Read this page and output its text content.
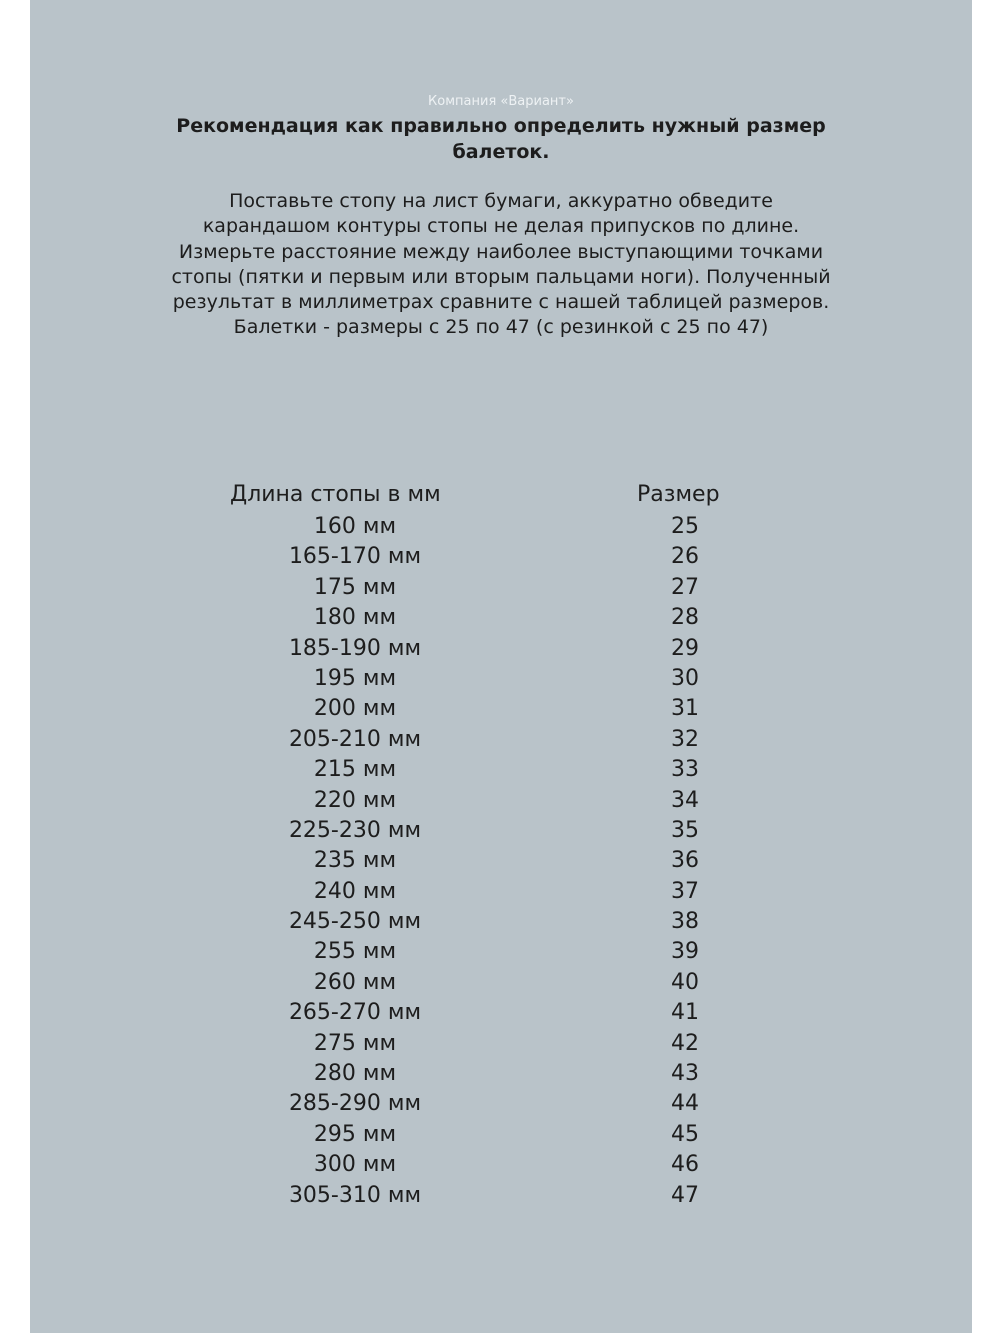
Компания «Вариант»
Рекомендация как правильно определить нужный размер
балеток.
Поставьте стопу на лист бумаги, аккуратно обведите
карандашом контуры стопы не делая припусков по длине.
Измерьте расстояние между наиболее выступающими точками
стопы (пятки и первым или вторым пальцами ноги). Полученный
результат в миллиметрах сравните с нашей таблицей размеров.
Балетки - размеры с 25 по 47 (с резинкой с 25 по 47)
Длина стопы в мм	Размер
160 мм	25
165-170 мм	26
175 мм	27
180 мм	28
185-190 мм	29
195 мм	30
200 мм	31
205-210 мм	32
215 мм	33
220 мм	34
225-230 мм	35
235 мм	36
240 мм	37
245-250 мм	38
255 мм	39
260 мм	40
265-270 мм	41
275 мм	42
280 мм	43
285-290 мм	44
295 мм	45
300 мм	46
305-310 мм	47
